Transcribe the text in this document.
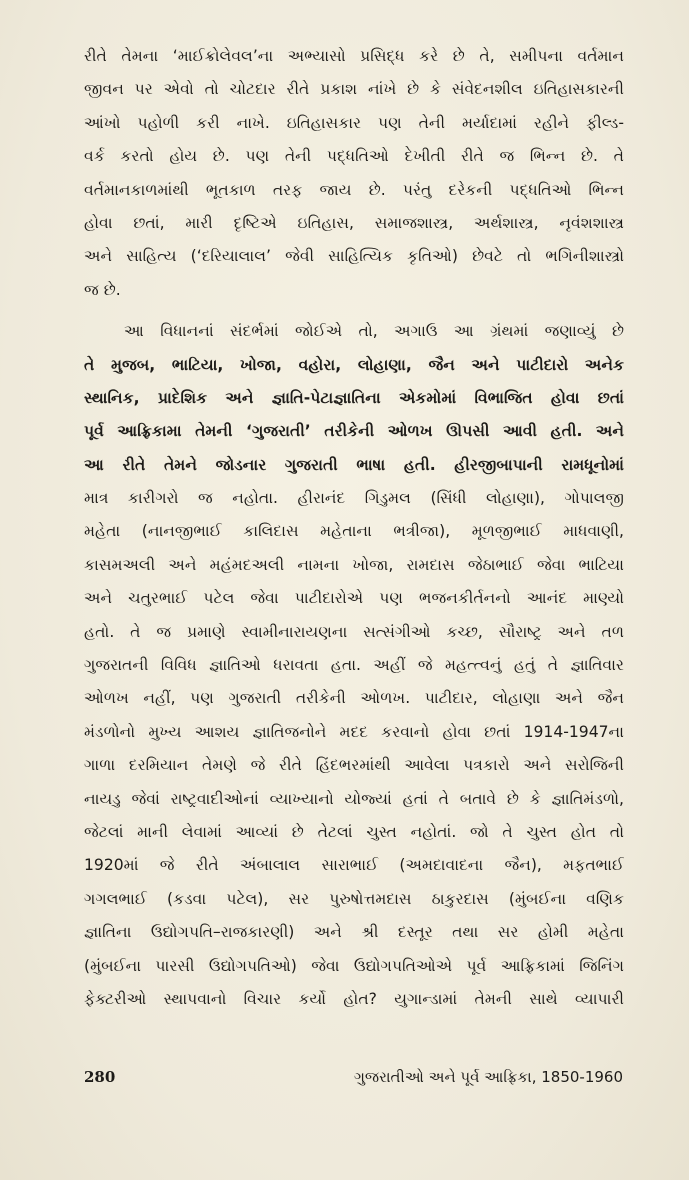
રીતે તેમના ‘માઈક્રોલેવલ’ના અભ્યાસો પ્રસિદ્ધ કરે છે તે, સમીપના વર્તમાન
જીવન પર એવો તો ચોટદાર રીતે પ્રકાશ નાંખે છે કે સંવેદનશીલ ઇતિહાસકારની
આંખો પહોળી કરી નાખે. ઇતિહાસકાર પણ તેની મર્યાદામાં રહીને ફીલ્ડ-
વર્ક કરતો હોય છે. પણ તેની પદ્ધતિઓ દેખીતી રીતે જ ભિન્ન છે. તે
વર્તમાનકાળમાંથી ભૂતકાળ તરફ જાય છે. પરંતુ દરેકની પદ્ધતિઓ ભિન્ન
હોવા છતાં, મારી દૃષ્ટિએ ઇતિહાસ, સમાજશાસ્ત્ર, અર્થશાસ્ત્ર, નૃવંશશાસ્ત્ર
અને સાહિત્ય (‘દરિયાલાલ’ જેવી સાહિત્યિક કૃતિઓ) છેવટે તો ભગિનીશાસ્ત્રો
જ છે.
આ વિધાનનાં સંદર્ભમાં જોઈએ તો, અગાઉ આ ગ્રંથમાં જણાવ્યું છે
તે મુજબ, ભાટિયા, ખોજા, વહોરા, લોહાણા, જૈન અને પાટીદારો અનેક
સ્થાનિક, પ્રાદેશિક અને જ્ઞાતિ-પેટાજ્ઞાતિના એકમોમાં વિભાજિત હોવા છતાં
પૂર્વ આફ્રિકામા તેમની ‘ગુજરાતી’ તરીકેની ઓળખ ઊપસી આવી હતી. અને
આ રીતે તેમને જોડનાર ગુજરાતી ભાષા હતી. હીરજીબાપાની રામધૂનોમાં
માત્ર કારીગરો જ નહોતા. હીરાનંદ ગિડુમલ (સિંધી લોહાણા), ગોપાલજી
મહેતા (નાનજીભાઈ કાલિદાસ મહેતાના ભત્રીજા), મૂળજીભાઈ માધવાણી,
કાસમઅલી અને મહંમદઅલી નામના ખોજા, રામદાસ જેઠાભાઈ જેવા ભાટિયા
અને ચતુરભાઈ પટેલ જેવા પાટીદારોએ પણ ભજનકીર્તનનો આનંદ માણ્યો
હતો. તે જ પ્રમાણે સ્વામીનારાયણના સત્સંગીઓ કચ્છ, સૌરાષ્ટ્ર અને તળ
ગુજરાતની વિવિધ જ્ઞાતિઓ ધરાવતા હતા. અહીં જે મહત્ત્વનું હતું તે જ્ઞાતિવાર
ઓળખ નહીં, પણ ગુજરાતી તરીકેની ઓળખ. પાટીદાર, લોહાણા અને જૈન
મંડળોનો મુખ્ય આશય જ્ઞાતિજનોને મદદ કરવાનો હોવા છતાં 1914-1947ના
ગાળા દરમિયાન તેમણે જે રીતે હિંદભરમાંથી આવેલા પત્રકારો અને સરોજિની
નાયડુ જેવાં રાષ્ટ્રવાદીઓનાં વ્યાખ્યાનો યોજ્યાં હતાં તે બતાવે છે કે જ્ઞાતિમંડળો,
જેટલાં માની લેવામાં આવ્યાં છે તેટલાં ચુસ્ત નહોતાં. જો તે ચુસ્ત હોત તો
1920માં જે રીતે અંબાલાલ સારાભાઈ (અમદાવાદના જૈન), મફતભાઈ
ગગલભાઈ (કડવા પટેલ), સર પુરુષોત્તમદાસ ઠાકુરદાસ (મુંબઈના વણિક
જ્ઞાતિના ઉદ્યોગપતિ–રાજકારણી) અને શ્રી દસ્તૂર તથા સર હોમી મહેતા
(મુંબઈના પારસી ઉદ્યોગપતિઓ) જેવા ઉદ્યોગપતિઓએ પૂર્વ આફ્રિકામાં જિનિંગ
ફેક્ટરીઓ સ્થાપવાનો વિચાર કર્યો હોત? યુગાન્ડામાં તેમની સાથે વ્યાપારી
280	ગુજરાતીઓ અને પૂર્વ આફ્રિકા, 1850-1960
